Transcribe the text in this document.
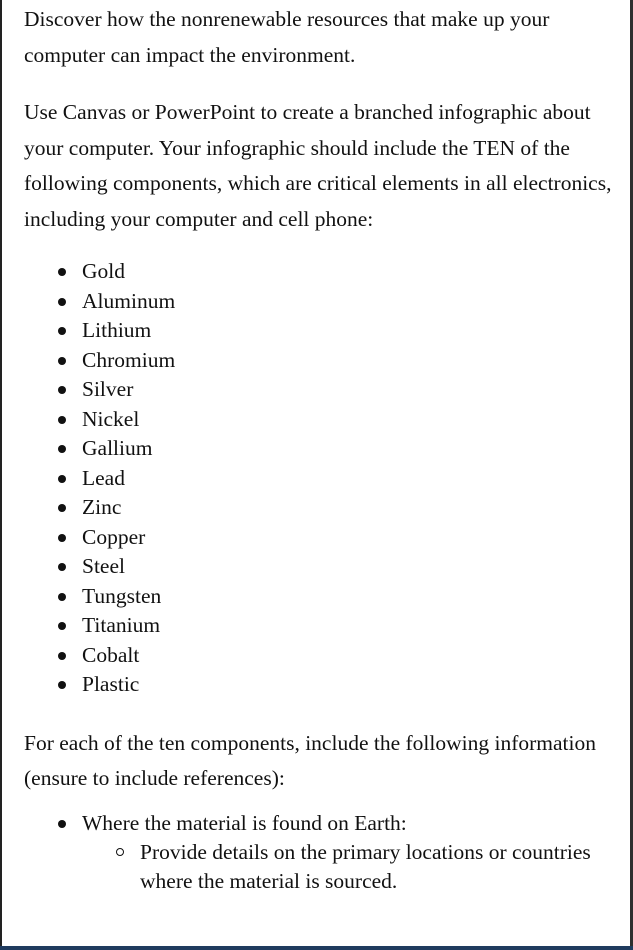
Discover how the nonrenewable resources that make up your computer can impact the environment.

Use Canvas or PowerPoint to create a branched infographic about your computer. Your infographic should include the TEN of the following components, which are critical elements in all electronics, including your computer and cell phone:

Gold
Aluminum
Lithium
Chromium
Silver
Nickel
Gallium
Lead
Zinc
Copper
Steel
Tungsten
Titanium
Cobalt
Plastic

For each of the ten components, include the following information (ensure to include references):

Where the material is found on Earth:
Provide details on the primary locations or countries where the material is sourced.
